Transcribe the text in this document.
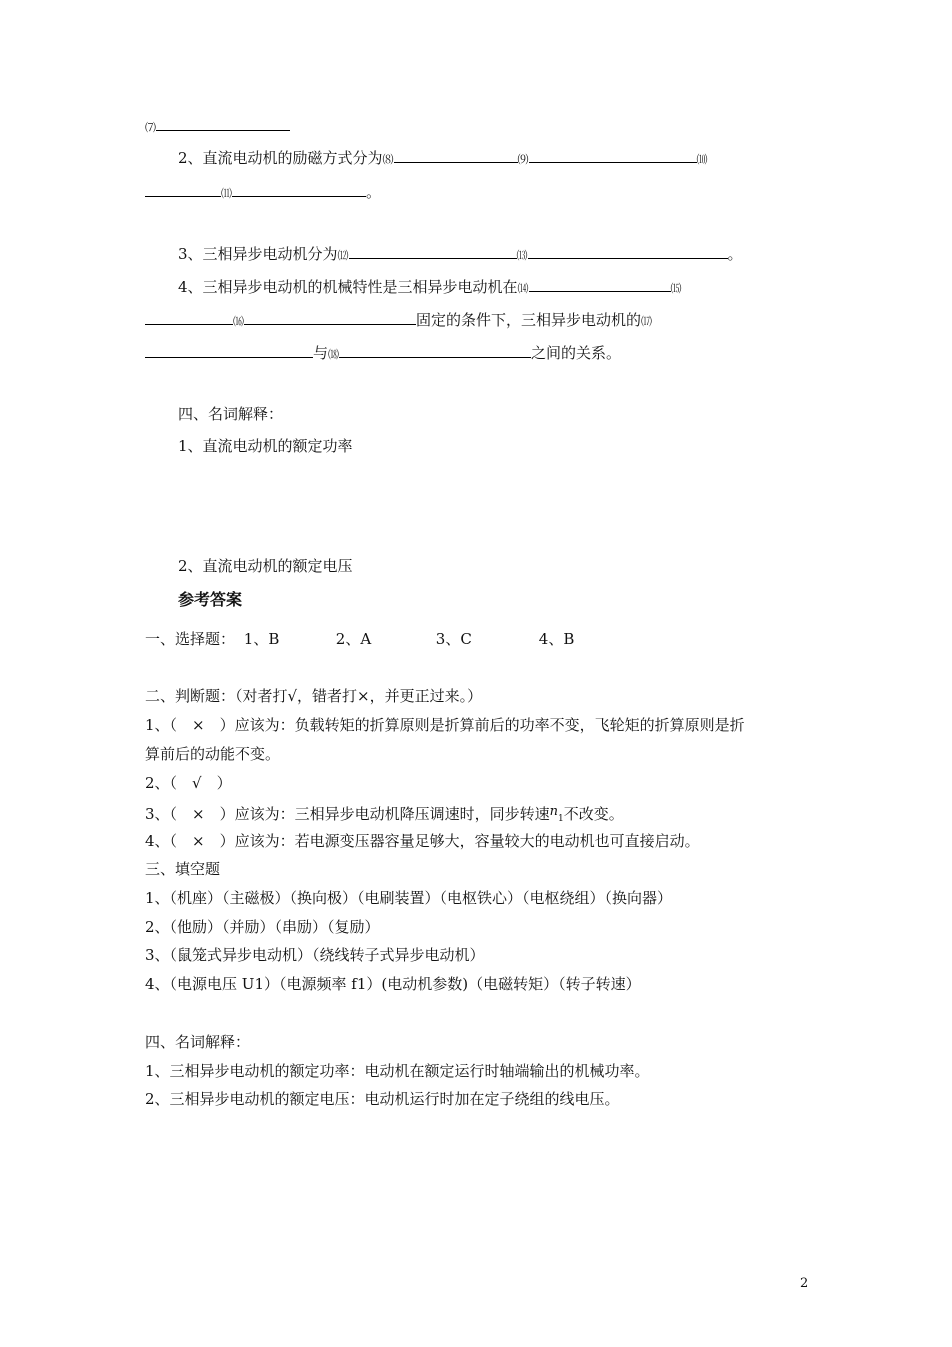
⑺
2、直流电动机的励磁方式分为⑻	⑼	⑽
⑾	。
3、三相异步电动机分为⑿	⒀	。
4、三相异步电动机的机械特性是三相异步电动机在⒁	⒂
⒃	固定的条件下，三相异步电动机的⒄
与⒅	之间的关系。
四、名词解释：
1、直流电动机的额定功率
2、直流电动机的额定电压
参考答案
一、选择题： 1、B	2、A	3、C	4、B
二、判断题：（对者打√，错者打×，并更正过来。）
1、（　×　）应该为：负载转矩的折算原则是折算前后的功率不变，飞轮矩的折算原则是折
算前后的动能不变。
2、（　√　）
3、（　×　）应该为：三相异步电动机降压调速时，同步转速$n_1$不改变。
4、（　×　）应该为：若电源变压器容量足够大，容量较大的电动机也可直接启动。
三、填空题
1、（机座）（主磁极）（换向极）（电刷装置）（电枢铁心）（电枢绕组）（换向器）
2、（他励）（并励）（串励）（复励）
3、（鼠笼式异步电动机）（绕线转子式异步电动机）
4、（电源电压 U1）（电源频率 f1）(电动机参数)（电磁转矩）（转子转速）
四、名词解释：
1、三相异步电动机的额定功率：电动机在额定运行时轴端输出的机械功率。
2、三相异步电动机的额定电压：电动机运行时加在定子绕组的线电压。
2
